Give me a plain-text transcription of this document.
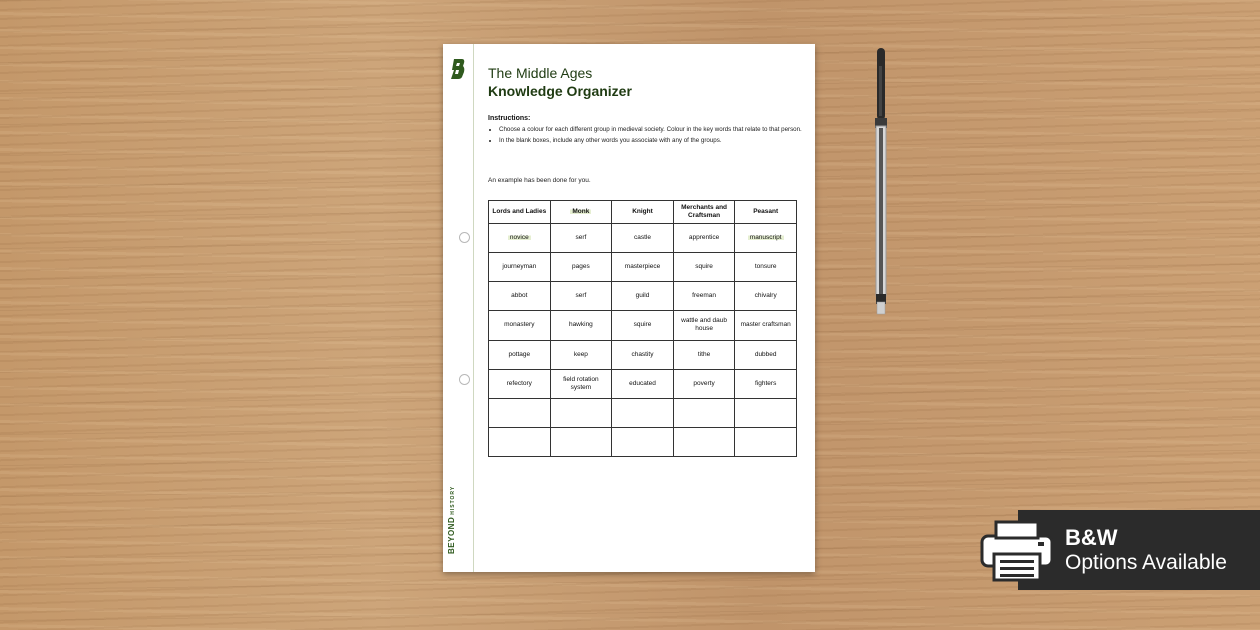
BEYONDHISTORY
The Middle Ages
Knowledge Organizer
Instructions:
• Choose a colour for each different group in medieval society. Colour in the key words that relate to that person.
• In the blank boxes, include any other words you associate with any of the groups.
An example has been done for you.
Lords and Ladies	Monk	Knight	Merchants and Craftsman	Peasant
novice	serf	castle	apprentice	manuscript
journeyman	pages	masterpiece	squire	tonsure
abbot	serf	guild	freeman	chivalry
monastery	hawking	squire	wattle and daub house	master craftsman
pottage	keep	chastity	tithe	dubbed
refectory	field rotation system	educated	poverty	fighters

B&W
Options Available
